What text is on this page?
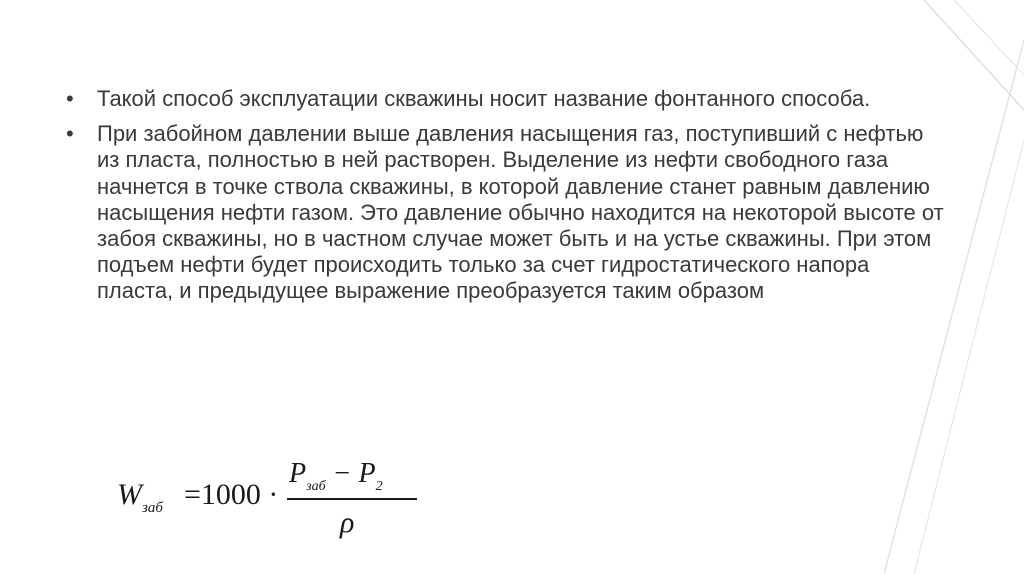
•	Такой способ эксплуатации скважины носит название фонтанного способа.
•	При забойном давлении выше давления насыщения газ, поступивший с нефтью из пласта, полностью в ней растворен. Выделение из нефти свободного газа начнется в точке ствола скважины, в которой давление станет равным давлению насыщения нефти газом. Это давление обычно находится на некоторой высоте от забоя скважины, но в частном случае может быть и на устье скважины. При этом подъем нефти будет происходить только за счет гидростатического напора пласта, и предыдущее выражение преобразуется таким образом
$W_{заб} =1000$ ·
$P_{заб} - P_2$
ρ
